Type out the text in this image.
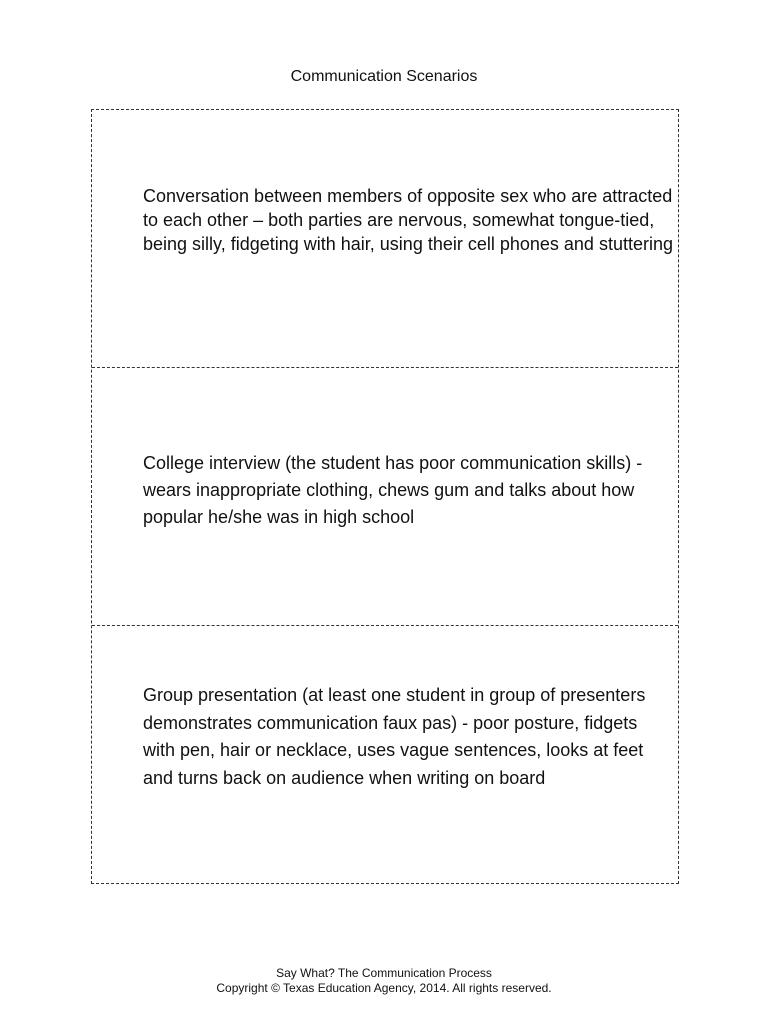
Communication Scenarios
Conversation between members of opposite sex who are attracted to each other – both parties are nervous, somewhat tongue-tied, being silly, fidgeting with hair, using their cell phones and stuttering
College interview (the student has poor communication skills) - wears inappropriate clothing, chews gum and talks about how popular he/she was in high school
Group presentation (at least one student in group of presenters demonstrates communication faux pas) - poor posture, fidgets with pen, hair or necklace, uses vague sentences, looks at feet and turns back on audience when writing on board
Say What? The Communication Process
Copyright © Texas Education Agency, 2014. All rights reserved.
